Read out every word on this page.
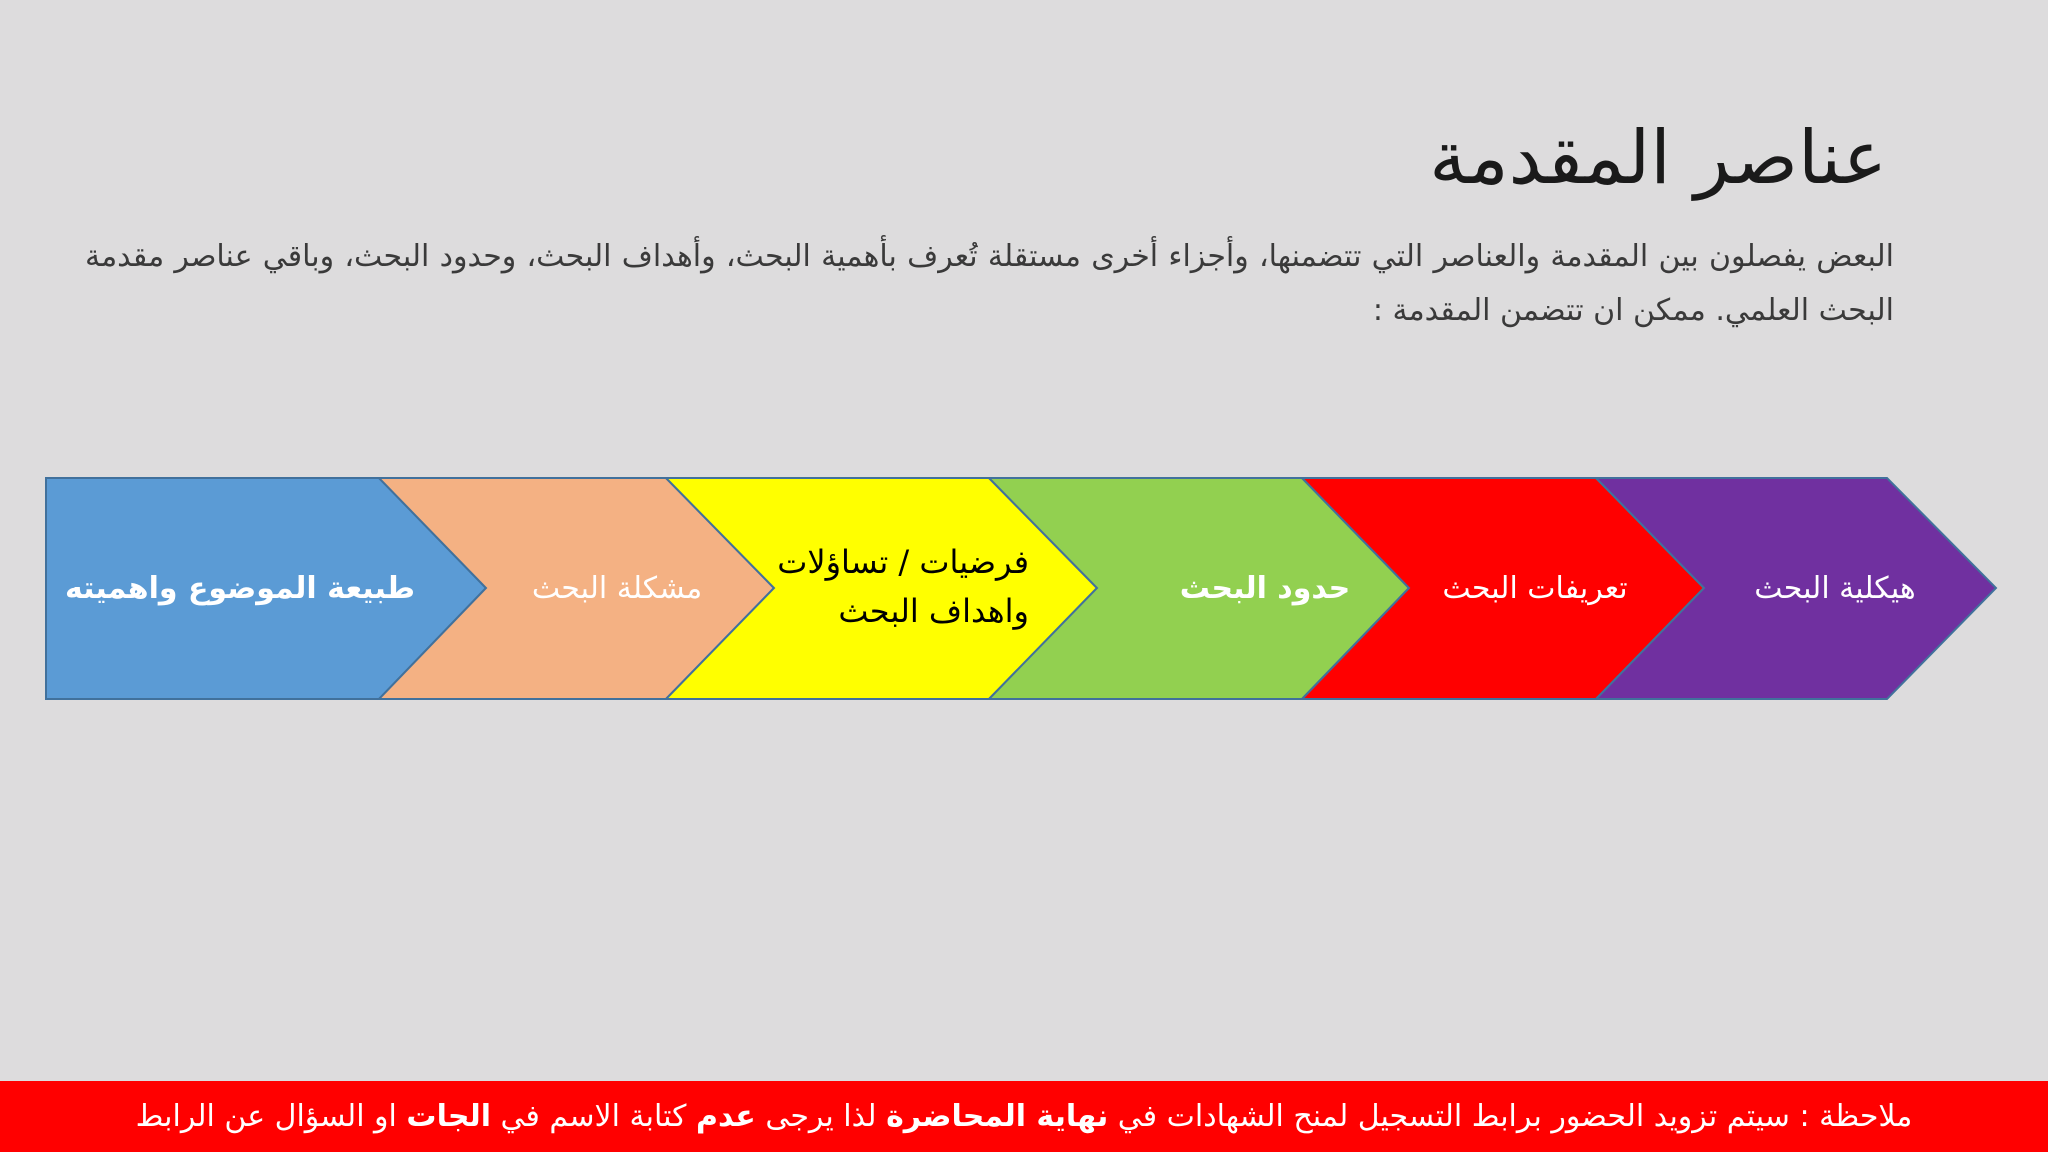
عناصر المقدمة
البعض يفصلون بين المقدمة والعناصر التي تتضمنها، وأجزاء أخرى مستقلة تُعرف بأهمية البحث، وأهداف البحث، وحدود البحث، وباقي عناصر مقدمة البحث العلمي. ممكن ان تتضمن المقدمة :
طبيعة الموضوع واهميته	مشكلة البحث
فرضيات / تساؤلات
واهداف البحث
حدود البحث	تعريفات البحث	هيكلية البحث
ملاحظة : سيتم تزويد الحضور برابط التسجيل لمنح الشهادات في نهاية المحاضرة لذا يرجى عدم كتابة الاسم في الجات او السؤال عن الرابط
